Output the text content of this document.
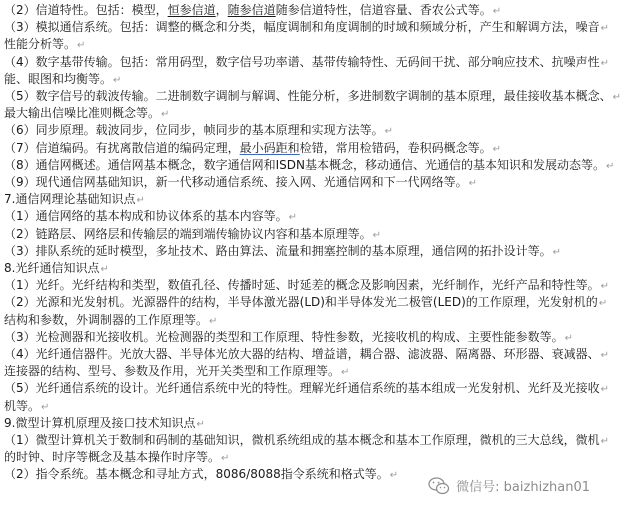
（2）信道特性。包括：模型，恒参信道，随参信道随参信道特性，信道容量、香农公式等。↵
（3）模拟通信系统。包括：调整的概念和分类，幅度调制和角度调制的时域和频域分析，产生和解调方法，噪音↵
性能分析等。↵
（4）数字基带传输。包括：常用码型，数字信号功率谱、基带传输特性、无码间干扰、部分响应技术、抗噪声性↵
能、眼图和均衡等。↵
（5）数字信号的载波传输。二进制数字调制与解调、性能分析，多进制数字调制的基本原理，最佳接收基本概念、↵
最大输出信噪比准则概念等。↵
（6）同步原理。载波同步，位同步，帧同步的基本原理和实现方法等。↵
（7）信道编码。有扰离散信道的编码定理，最小码距和检错，常用检错码，卷积码概念等。↵
（8）通信网概述。通信网基本概念，数字通信网和ISDN基本概念，移动通信、光通信的基本知识和发展动态等。↵
（9）现代通信网基础知识，新一代移动通信系统、接入网、光通信网和下一代网络等。↵
7.通信网理论基础知识点↵
（1）通信网络的基本构成和协议体系的基本内容等。↵
（2）链路层、网络层和传输层的端到端传输协议内容和基本原理等。↵
（3）排队系统的延时模型，多址技术、路由算法、流量和拥塞控制的基本原理，通信网的拓扑设计等。↵
8.光纤通信知识点↵
（1）光纤。光纤结构和类型，数值孔径、传播时延、时延差的概念及影响因素，光纤制作，光纤产品和特性等。↵
（2）光源和光发射机。光源器件的结构，半导体激光器(LD)和半导体发光二极管(LED)的工作原理，光发射机的↵
结构和参数，外调制器的工作原理等。↵
（3）光检测器和光接收机。光检测器的类型和工作原理、特性参数，光接收机的构成、主要性能参数等。↵
（4）光纤通信器件。光放大器、半导体光放大器的结构、增益谱，耦合器、滤波器、隔离器、环形器、衰减器、↵
连接器的结构、型号、参数及作用，光开关类型和工作原理等。↵
（5）光纤通信系统的设计。光纤通信系统中光的特性。理解光纤通信系统的基本组成一光发射机、光纤及光接收↵
机等。↵
9.微型计算机原理及接口技术知识点↵
（1）微型计算机关于数制和码制的基础知识，微机系统组成的基本概念和基本工作原理，微机的三大总线，微机↵
的时钟、时序等概念及基本操作时序等。↵
（2）指令系统。基本概念和寻址方式，8086/8088指令系统和格式等。↵
微信号: baizhizhan01
